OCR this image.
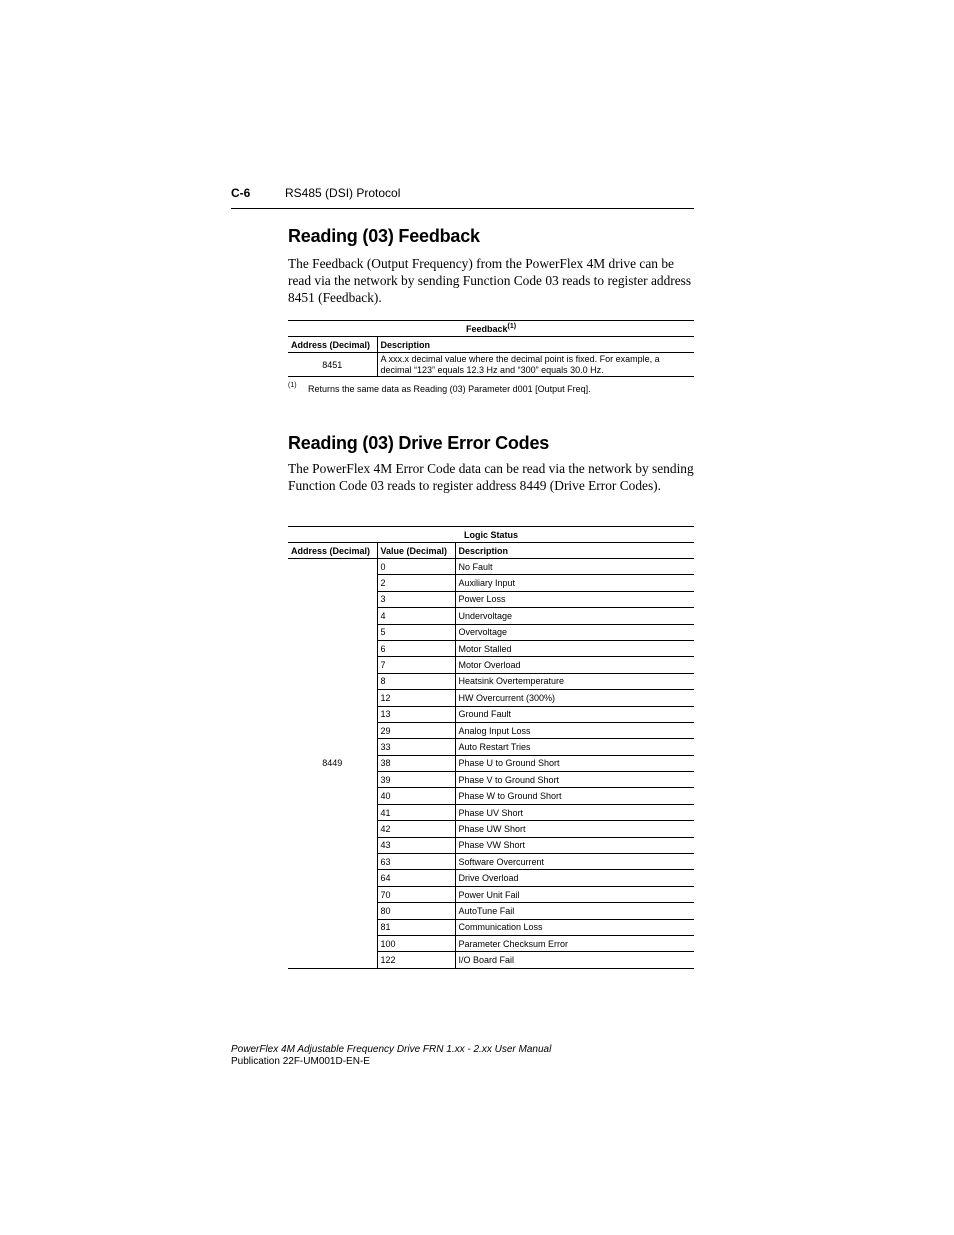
C-6	RS485 (DSI) Protocol
Reading (03) Feedback

The Feedback (Output Frequency) from the PowerFlex 4M drive can be read via the network by sending Function Code 03 reads to register address 8451 (Feedback).

Feedback$^{(1)}$
Address (Decimal)	Description
8451	A xxx.x decimal value where the decimal point is fixed. For example, a decimal “123” equals 12.3 Hz and “300” equals 30.0 Hz.
$^{(1)}$ Returns the same data as Reading (03) Parameter d001 [Output Freq].
Reading (03) Drive Error Codes

The PowerFlex 4M Error Code data can be read via the network by sending Function Code 03 reads to register address 8449 (Drive Error Codes).

Logic Status		
Address (Decimal)	Value (Decimal)	Description
8449	0	No Fault
	2	Auxiliary Input
	3	Power Loss
	4	Undervoltage
	5	Overvoltage
	6	Motor Stalled
	7	Motor Overload
	8	Heatsink Overtemperature
	12	HW Overcurrent (300%)
	13	Ground Fault
	29	Analog Input Loss
	33	Auto Restart Tries
	38	Phase U to Ground Short
	39	Phase V to Ground Short
	40	Phase W to Ground Short
	41	Phase UV Short
	42	Phase UW Short
	43	Phase VW Short
	63	Software Overcurrent
	64	Drive Overload
	70	Power Unit Fail
	80	AutoTune Fail
	81	Communication Loss
	100	Parameter Checksum Error
	122	I/O Board Fail
PowerFlex 4M Adjustable Frequency Drive FRN 1.xx - 2.xx User Manual
Publication 22F-UM001D-EN-E
